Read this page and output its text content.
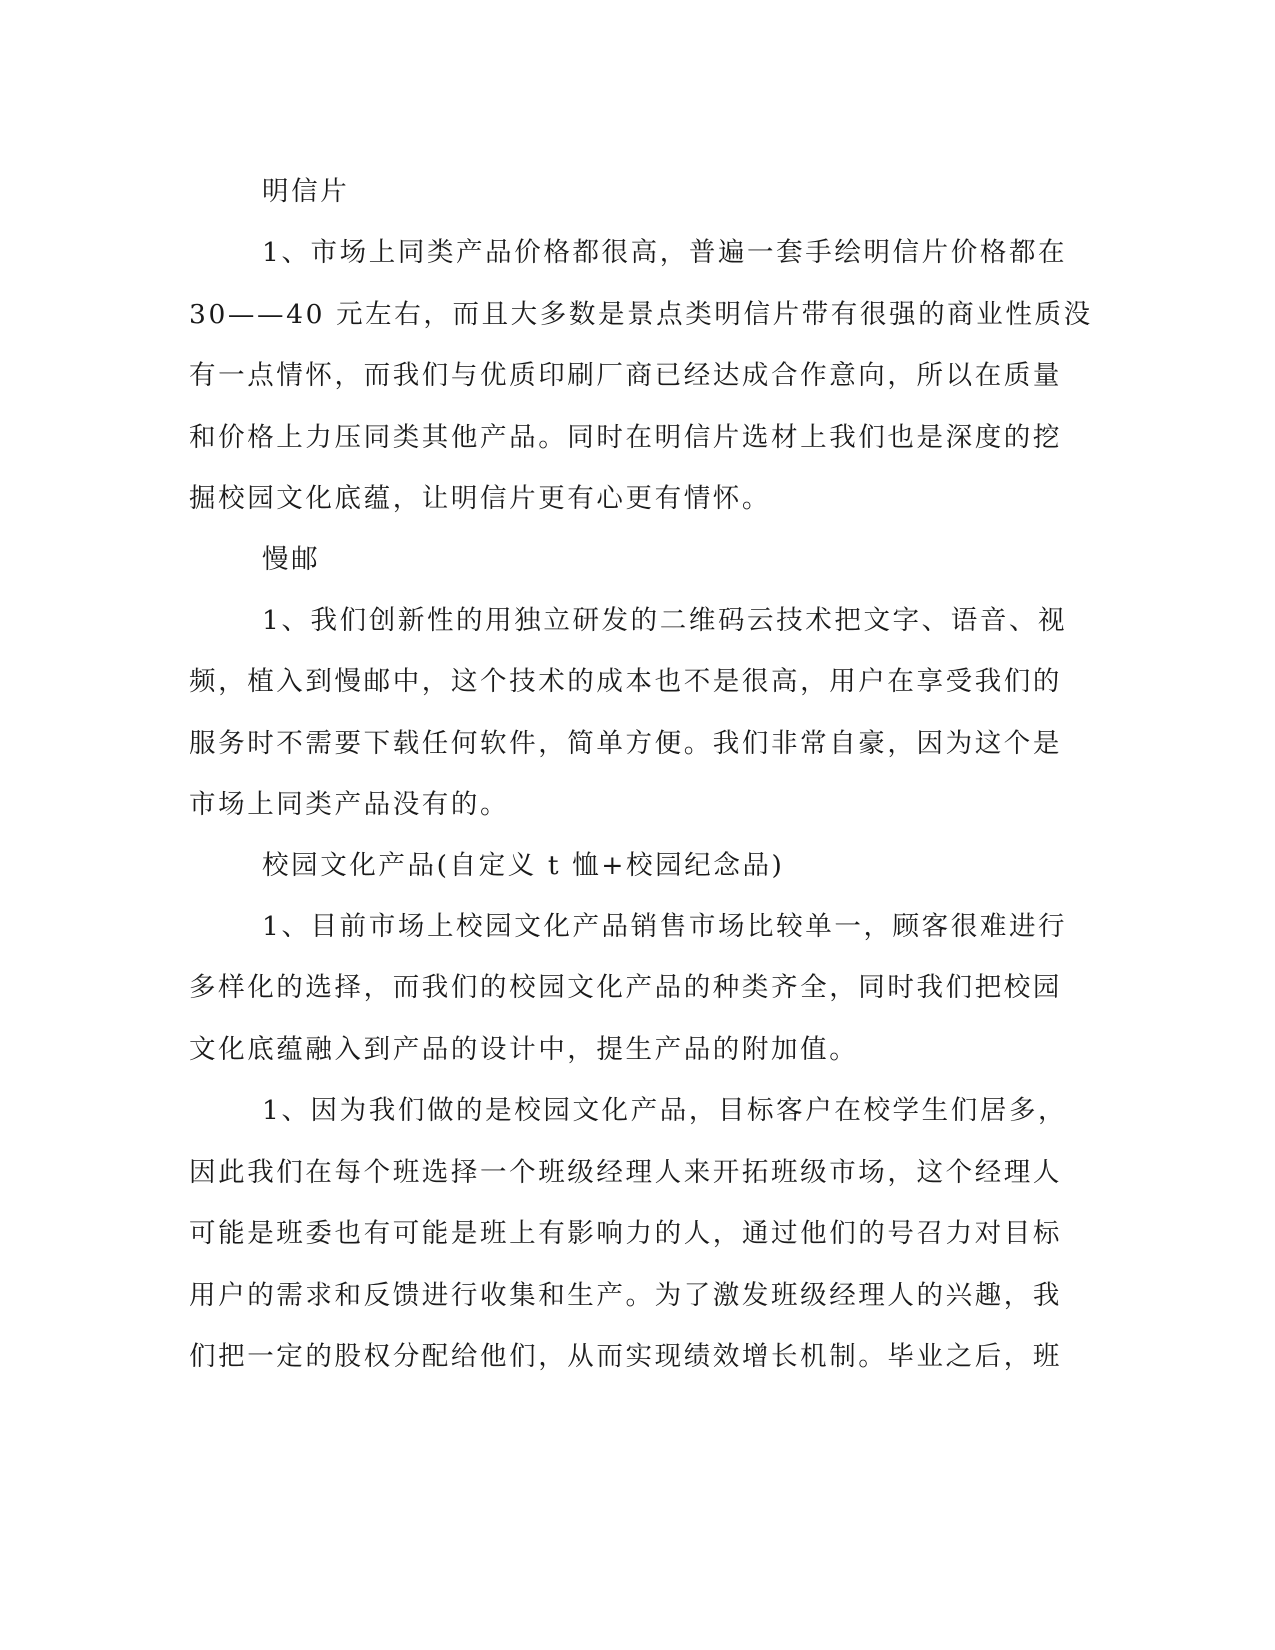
明信片
1、市场上同类产品价格都很高，普遍一套手绘明信片价格都在
30——40 元左右，而且大多数是景点类明信片带有很强的商业性质没
有一点情怀，而我们与优质印刷厂商已经达成合作意向，所以在质量
和价格上力压同类其他产品。同时在明信片选材上我们也是深度的挖
掘校园文化底蕴，让明信片更有心更有情怀。
慢邮
1、我们创新性的用独立研发的二维码云技术把文字、语音、视
频，植入到慢邮中，这个技术的成本也不是很高，用户在享受我们的
服务时不需要下载任何软件，简单方便。我们非常自豪，因为这个是
市场上同类产品没有的。
校园文化产品(自定义 t 恤+校园纪念品)
1、目前市场上校园文化产品销售市场比较单一，顾客很难进行
多样化的选择，而我们的校园文化产品的种类齐全，同时我们把校园
文化底蕴融入到产品的设计中，提生产品的附加值。
1、因为我们做的是校园文化产品，目标客户在校学生们居多，
因此我们在每个班选择一个班级经理人来开拓班级市场，这个经理人
可能是班委也有可能是班上有影响力的人，通过他们的号召力对目标
用户的需求和反馈进行收集和生产。为了激发班级经理人的兴趣，我
们把一定的股权分配给他们，从而实现绩效增长机制。毕业之后，班
